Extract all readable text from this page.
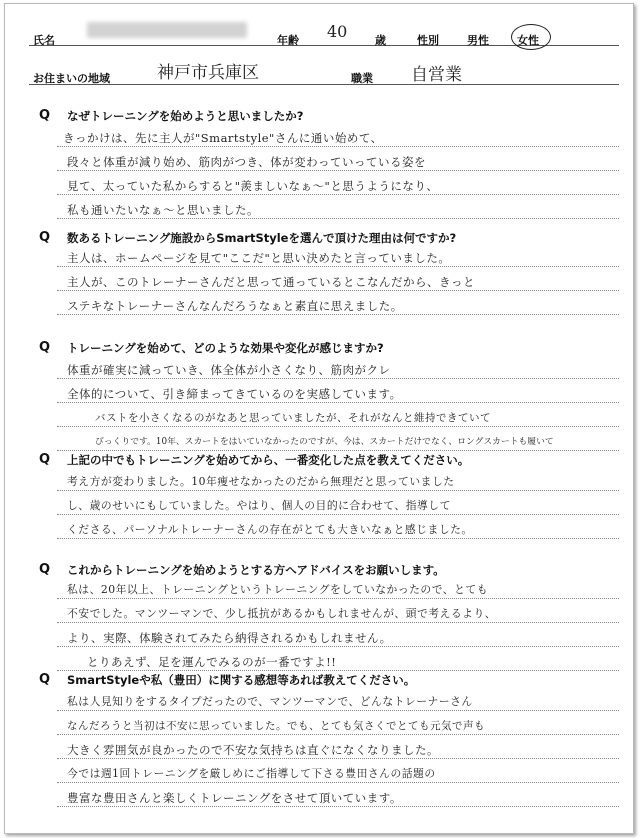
氏名	年齢 40	歳	性別	男性	女性
お住まいの地域	神戸市兵庫区	職業 自営業
Q なぜトレーニングを始めようと思いましたか?
きっかけは、先に主人が"Smartstyle"さんに通い始めて、
段々と体重が減り始め、筋肉がつき、体が変わっていっている姿を
見て、太っていた私からすると"羨ましいなぁ〜"と思うようになり、
私も通いたいなぁ〜と思いました。
Q 数あるトレーニング施設からSmartStyleを選んで頂けた理由は何ですか?
主人は、ホームページを見て"ここだ"と思い決めたと言っていました。
主人が、このトレーナーさんだと思って通っているとこなんだから、きっと
ステキなトレーナーさんなんだろうなぁと素直に思えました。
Q トレーニングを始めて、どのような効果や変化が感じますか?
体重が確実に減っていき、体全体が小さくなり、筋肉がクレ
全体的について、引き締まってきているのを実感しています。
バストを小さくなるのがなあと思っていましたが、それがなんと維持できていて
びっくりです。10年、スカートをはいていなかったのですが、今は、スカートだけでなく、ロングスカートも履いて
Q 上記の中でもトレーニングを始めてから、一番変化した点を教えてください。
考え方が変わりました。10年痩せなかったのだから無理だと思っていました
し、歳のせいにもしていました。やはり、個人の目的に合わせて、指導して
くださる、パーソナルトレーナーさんの存在がとても大きいなぁと感じました。
Q これからトレーニングを始めようとする方へアドバイスをお願いします。
私は、20年以上、トレーニングというトレーニングをしていなかったので、とても
不安でした。マンツーマンで、少し抵抗があるかもしれませんが、頭で考えるより、
より、実際、体験されてみたら納得されるかもしれません。
とりあえず、足を運んでみるのが一番ですよ!!
Q SmartStyleや私（豊田）に関する感想等あれば教えてください。
私は人見知りをするタイプだったので、マンツーマンで、どんなトレーナーさん
なんだろうと当初は不安に思っていました。でも、とても気さくでとても元気で声も
大きく雰囲気が良かったので不安な気持ちは直ぐになくなりました。
今では週1回トレーニングを厳しめにご指導して下さる豊田さんの話題の
豊富な豊田さんと楽しくトレーニングをさせて頂いています。
